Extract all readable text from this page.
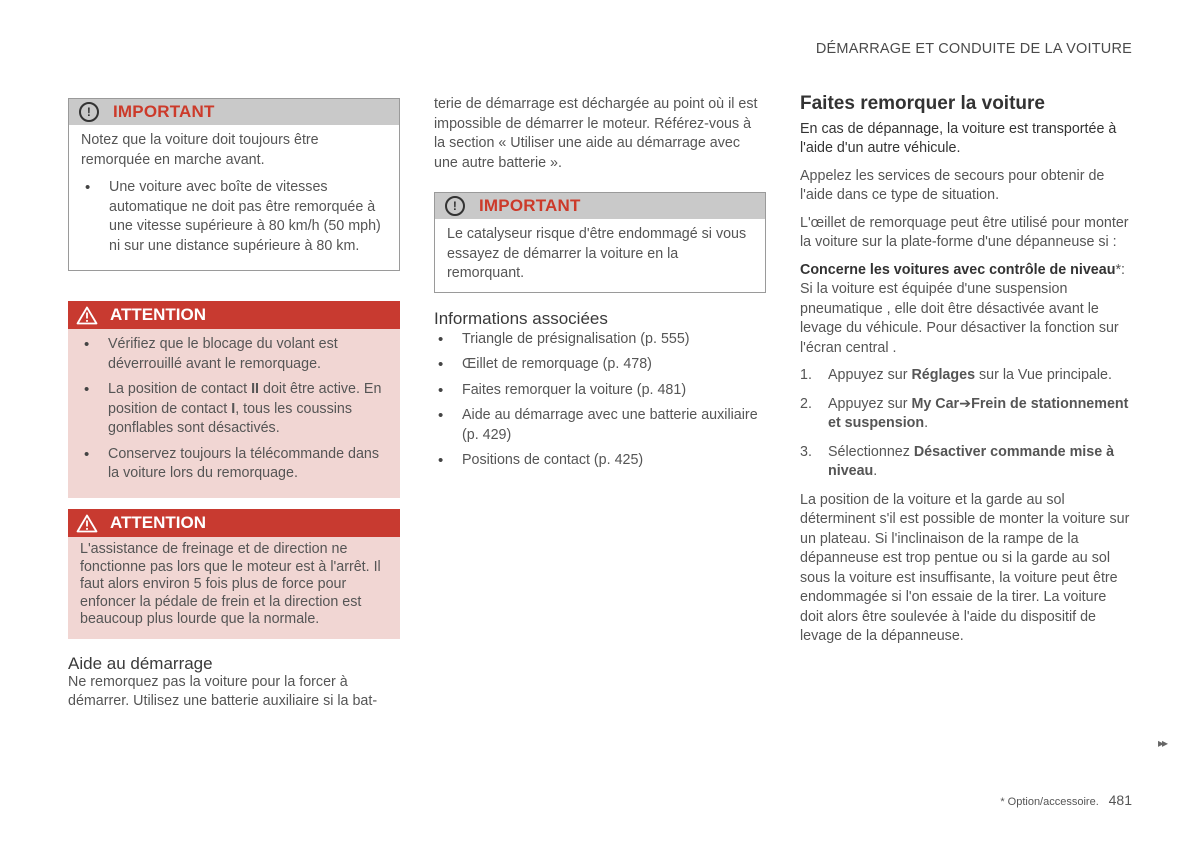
DÉMARRAGE ET CONDUITE DE LA VOITURE
!	IMPORTANT

Notez que la voiture doit toujours être remorquée en marche avant.

• Une voiture avec boîte de vitesses automatique ne doit pas être remorquée à une vitesse supérieure à 80 km/h (50 mph) ni sur une distance supérieure à 80 km.
ATTENTION
• Vérifiez que le blocage du volant est déverrouillé avant le remorquage.
• La position de contact II doit être active. En position de contact I, tous les coussins gonflables sont désactivés.
• Conservez toujours la télécommande dans la voiture lors du remorquage.
ATTENTION

L'assistance de freinage et de direction ne fonctionne pas lors que le moteur est à l'arrêt. Il faut alors environ 5 fois plus de force pour enfoncer la pédale de frein et la direction est beaucoup plus lourde que la normale.

Aide au démarrage
Ne remorquez pas la voiture pour la forcer à démarrer. Utilisez une batterie auxiliaire si la bat-
terie de démarrage est déchargée au point où il est impossible de démarrer le moteur. Référez-vous à la section « Utiliser une aide au démarrage avec une autre batterie ».
!	IMPORTANT

Le catalyseur risque d'être endommagé si vous essayez de démarrer la voiture en la remorquant.

Informations associées
• Triangle de présignalisation (p. 555)
• Œillet de remorquage (p. 478)
• Faites remorquer la voiture (p. 481)
• Aide au démarrage avec une batterie auxiliaire (p. 429)
• Positions de contact (p. 425)
Faites remorquer la voiture

En cas de dépannage, la voiture est transportée à l'aide d'un autre véhicule.

Appelez les services de secours pour obtenir de l'aide dans ce type de situation.

L'œillet de remorquage peut être utilisé pour monter la voiture sur la plate-forme d'une dépanneuse si :

Concerne les voitures avec contrôle de niveau*: Si la voiture est équipée d'une suspension pneumatique , elle doit être désactivée avant le levage du véhicule. Pour désactiver la fonction sur l'écran central .

1. Appuyez sur Réglages sur la Vue principale.
2. Appuyez sur My Car➔Frein de stationnement et suspension.
3. Sélectionnez Désactiver commande mise à niveau.

La position de la voiture et la garde au sol déterminent s'il est possible de monter la voiture sur un plateau. Si l'inclinaison de la rampe de la dépanneuse est trop pentue ou si la garde au sol sous la voiture est insuffisante, la voiture peut être endommagée si l'on essaie de la tirer. La voiture doit alors être soulevée à l'aide du dispositif de levage de la dépanneuse.

▸▸
* Option/accessoire. 481
